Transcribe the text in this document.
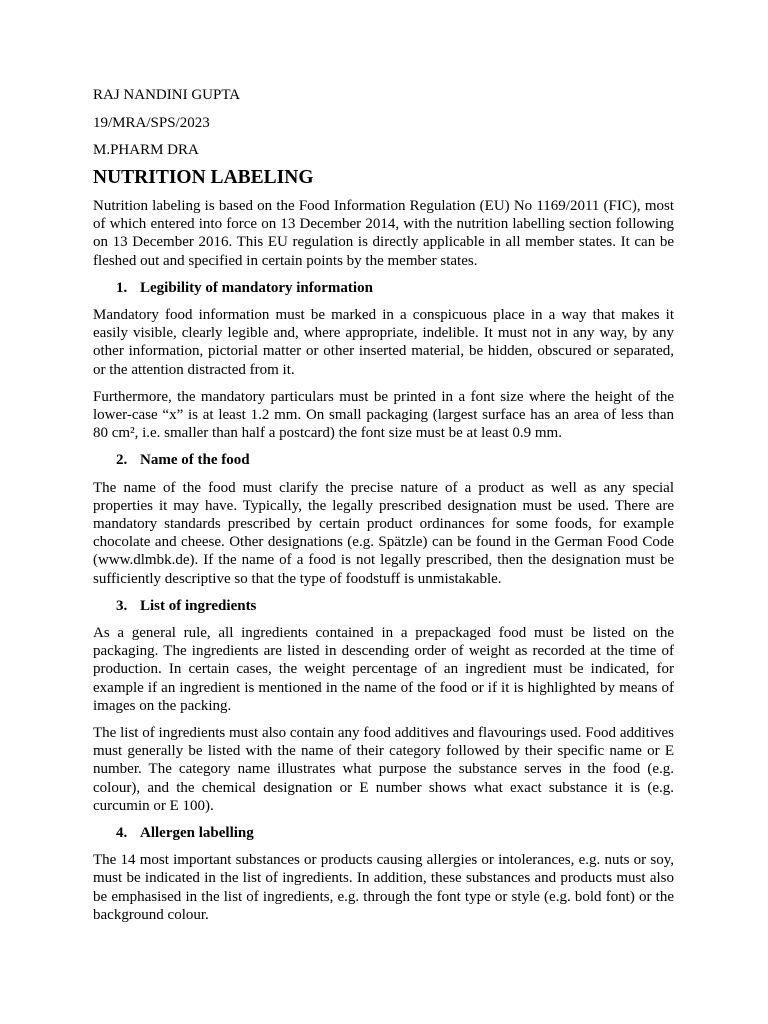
RAJ NANDINI GUPTA
19/MRA/SPS/2023
M.PHARM DRA
NUTRITION LABELING

Nutrition labeling is based on the Food Information Regulation (EU) No 1169/2011 (FIC), most of which entered into force on 13 December 2014, with the nutrition labelling section following on 13 December 2016. This EU regulation is directly applicable in all member states. It can be fleshed out and specified in certain points by the member states.

1. Legibility of mandatory information

Mandatory food information must be marked in a conspicuous place in a way that makes it easily visible, clearly legible and, where appropriate, indelible. It must not in any way, by any other information, pictorial matter or other inserted material, be hidden, obscured or separated, or the attention distracted from it.

Furthermore, the mandatory particulars must be printed in a font size where the height of the lower-case “x” is at least 1.2 mm. On small packaging (largest surface has an area of less than 80 cm², i.e. smaller than half a postcard) the font size must be at least 0.9 mm.

2. Name of the food

The name of the food must clarify the precise nature of a product as well as any special properties it may have. Typically, the legally prescribed designation must be used. There are mandatory standards prescribed by certain product ordinances for some foods, for example chocolate and cheese. Other designations (e.g. Spätzle) can be found in the German Food Code (www.dlmbk.de). If the name of a food is not legally prescribed, then the designation must be sufficiently descriptive so that the type of foodstuff is unmistakable.

3. List of ingredients

As a general rule, all ingredients contained in a prepackaged food must be listed on the packaging. The ingredients are listed in descending order of weight as recorded at the time of production. In certain cases, the weight percentage of an ingredient must be indicated, for example if an ingredient is mentioned in the name of the food or if it is highlighted by means of images on the packing.

The list of ingredients must also contain any food additives and flavourings used. Food additives must generally be listed with the name of their category followed by their specific name or E number. The category name illustrates what purpose the substance serves in the food (e.g. colour), and the chemical designation or E number shows what exact substance it is (e.g. curcumin or E 100).

4. Allergen labelling

The 14 most important substances or products causing allergies or intolerances, e.g. nuts or soy, must be indicated in the list of ingredients. In addition, these substances and products must also be emphasised in the list of ingredients, e.g. through the font type or style (e.g. bold font) or the background colour.
